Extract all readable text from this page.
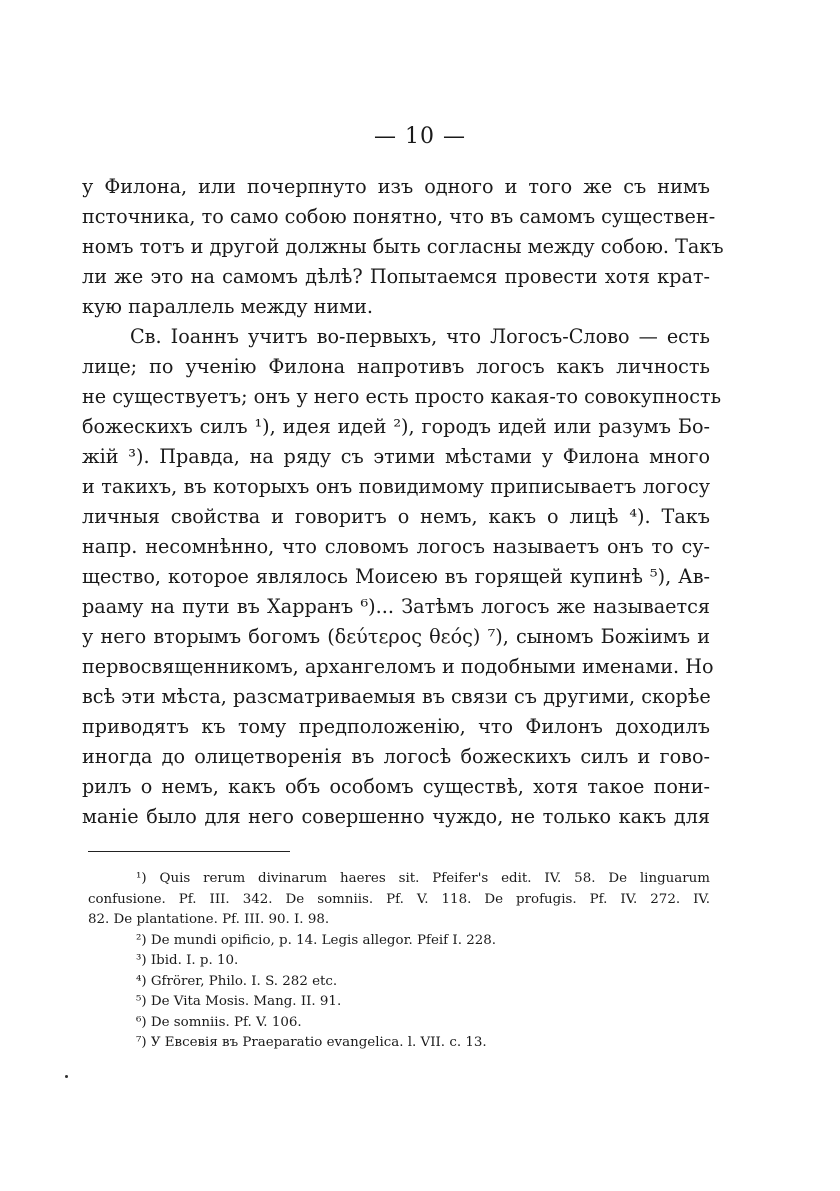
— 10 —
у Филона, или почерпнуто изъ одного и того же съ нимъ
псточника, то само собою понятно, что въ самомъ существен-
номъ тотъ и другой должны быть согласны между собою. Такъ
ли же это на самомъ дѣлѣ? Попытаемся провести хотя крат-
кую параллель между ними.
Св. Іоаннъ учитъ во-первыхъ, что Логосъ-Слово — есть
лице; по ученію Филона напротивъ логосъ какъ личность
не существуетъ; онъ у него есть просто какая-то совокупность
божескихъ силъ ¹), идея идей ²), городъ идей или разумъ Бо-
жій ³). Правда, на ряду съ этими мѣстами у Филона много
и такихъ, въ которыхъ онъ повидимому приписываетъ логосу
личныя свойства и говоритъ о немъ, какъ о лицѣ ⁴). Такъ
напр. несомнѣнно, что словомъ логосъ называетъ онъ то су-
щество, которое являлось Моисею въ горящей купинѣ ⁵), Ав-
рааму на пути въ Харранъ ⁶)... Затѣмъ логосъ же называется
у него вторымъ богомъ (δεύτερος θεός) ⁷), сыномъ Божіимъ и
первосвященникомъ, архангеломъ и подобными именами. Но
всѣ эти мѣста, разсматриваемыя въ связи съ другими, скорѣе
приводятъ къ тому предположенію, что Филонъ доходилъ
иногда до олицетворенія въ логосѣ божескихъ силъ и гово-
рилъ о немъ, какъ объ особомъ существѣ, хотя такое пони-
маніе было для него совершенно чуждо, не только какъ для
¹) Quis rerum divinarum haeres sit. Pfeifer's edit. IV. 58. De linguarum
confusione. Pf. III. 342. De somniis. Pf. V. 118. De profugis. Pf. IV. 272. IV.
82. De plantatione. Pf. III. 90. I. 98.
²) De mundi opificio, p. 14. Legis allegor. Pfeif I. 228.
³) Ibid. I. p. 10.
⁴) Gfrörer, Philo. I. S. 282 etc.
⁵) De Vita Mosis. Mang. II. 91.
⁶) De somniis. Pf. V. 106.
⁷) У Евсевія въ Praeparatio evangelica. l. VII. c. 13.
